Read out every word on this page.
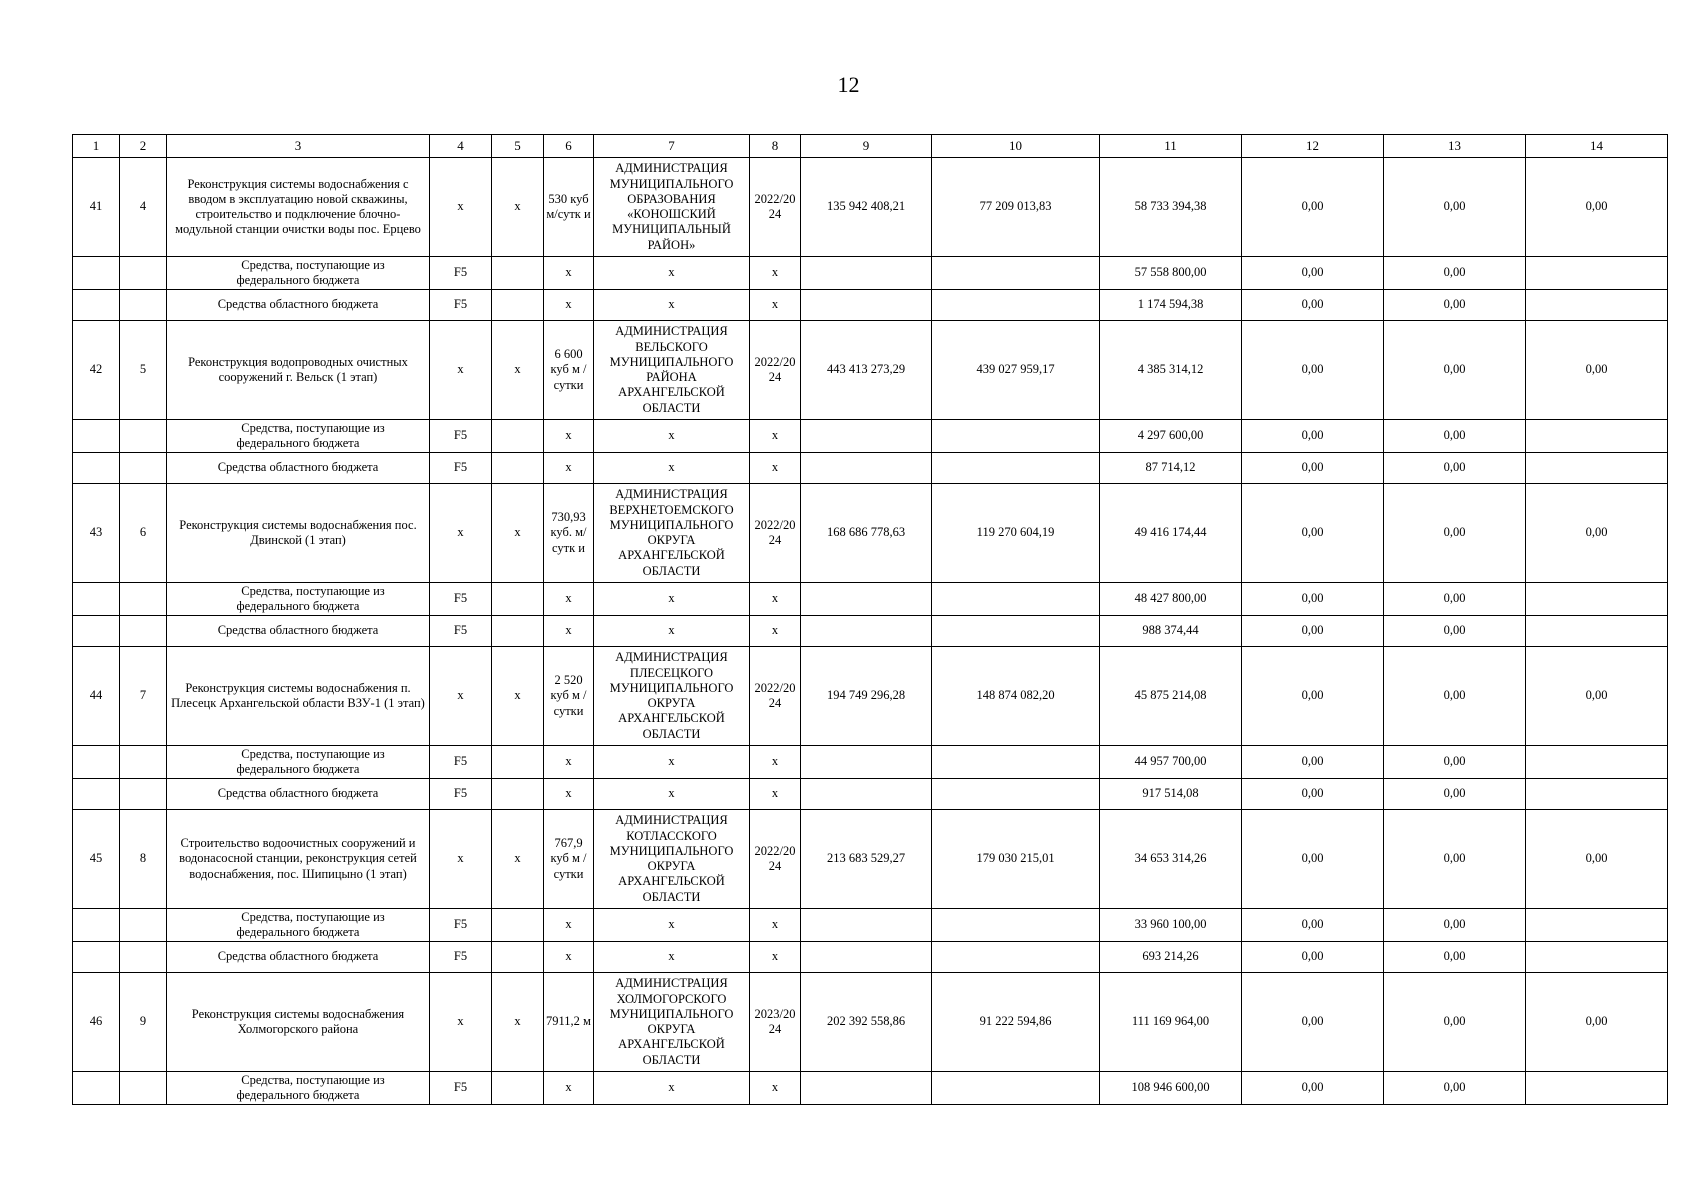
12
1	2	3	4	5	6	7	8	9	10	11	12	13	14
41	4	Реконструкция системы водоснабжения с вводом в эксплуатацию новой скважины, строительство и подключение блочно-модульной станции очистки воды пос. Ерцево	x	x	530 куб м/сутк и	АДМИНИСТРАЦИЯ МУНИЦИПАЛЬНОГО ОБРАЗОВАНИЯ «КОНОШСКИЙ МУНИЦИПАЛЬНЫЙ РАЙОН»	2022/20 24	135 942 408,21	77 209 013,83	58 733 394,38	0,00	0,00	0,00

		Средства, поступающие из
федерального бюджета	F5		x	x	x			57 558 800,00	0,00	0,00	
		Средства областного бюджета	F5		x	x	x			1 174 594,38	0,00	0,00	
42	5	Реконструкция водопроводных очистных сооружений г. Вельск (1 этап)	x	x	6 600 куб м / сутки	АДМИНИСТРАЦИЯ ВЕЛЬСКОГО МУНИЦИПАЛЬНОГО РАЙОНА АРХАНГЕЛЬСКОЙ ОБЛАСТИ	2022/20 24	443 413 273,29	439 027 959,17	4 385 314,12	0,00	0,00	0,00

		Средства, поступающие из
федерального бюджета	F5		x	x	x			4 297 600,00	0,00	0,00	
		Средства областного бюджета	F5		x	x	x			87 714,12	0,00	0,00	
43	6	Реконструкция системы водоснабжения пос. Двинской (1 этап)	x	x	730,93 куб. м/сутк и	АДМИНИСТРАЦИЯ ВЕРХНЕТОЕМСКОГО МУНИЦИПАЛЬНОГО ОКРУГА АРХАНГЕЛЬСКОЙ ОБЛАСТИ	2022/20 24	168 686 778,63	119 270 604,19	49 416 174,44	0,00	0,00	0,00

		Средства, поступающие из
федерального бюджета	F5		x	x	x			48 427 800,00	0,00	0,00	
		Средства областного бюджета	F5		x	x	x			988 374,44	0,00	0,00	
44	7	Реконструкция системы водоснабжения п. Плесецк Архангельской области ВЗУ-1 (1 этап)	x	x	2 520 куб м / сутки	АДМИНИСТРАЦИЯ ПЛЕСЕЦКОГО МУНИЦИПАЛЬНОГО ОКРУГА АРХАНГЕЛЬСКОЙ ОБЛАСТИ	2022/20 24	194 749 296,28	148 874 082,20	45 875 214,08	0,00	0,00	0,00

		Средства, поступающие из
федерального бюджета	F5		x	x	x			44 957 700,00	0,00	0,00	
		Средства областного бюджета	F5		x	x	x			917 514,08	0,00	0,00	
45	8	Строительство водоочистных сооружений и водонасосной станции, реконструкция сетей водоснабжения, пос. Шипицыно (1 этап)	x	x	767,9 куб м / сутки	АДМИНИСТРАЦИЯ КОТЛАССКОГО МУНИЦИПАЛЬНОГО ОКРУГА АРХАНГЕЛЬСКОЙ ОБЛАСТИ	2022/20 24	213 683 529,27	179 030 215,01	34 653 314,26	0,00	0,00	0,00

		Средства, поступающие из
федерального бюджета	F5		x	x	x			33 960 100,00	0,00	0,00	
		Средства областного бюджета	F5		x	x	x			693 214,26	0,00	0,00	
46	9	Реконструкция системы водоснабжения Холмогорского района	x	x	7911,2 м	АДМИНИСТРАЦИЯ ХОЛМОГОРСКОГО МУНИЦИПАЛЬНОГО ОКРУГА АРХАНГЕЛЬСКОЙ ОБЛАСТИ	2023/20 24	202 392 558,86	91 222 594,86	111 169 964,00	0,00	0,00	0,00

		Средства, поступающие из
федерального бюджета	F5		x	x	x			108 946 600,00	0,00	0,00	
